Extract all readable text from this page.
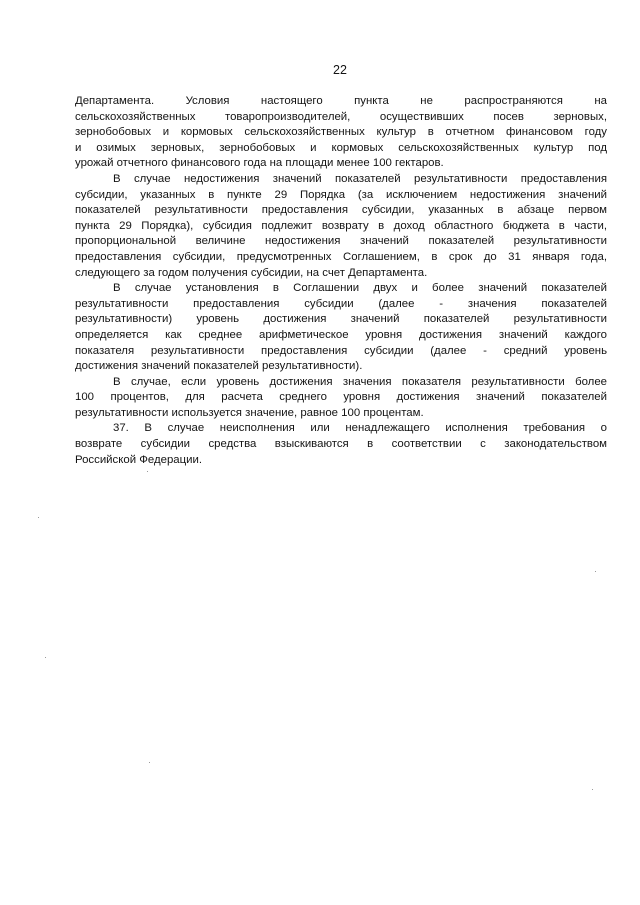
22
Департамента. Условия настоящего пункта не распространяются на
сельскохозяйственных товаропроизводителей, осуществивших посев зерновых,
зернобобовых и кормовых сельскохозяйственных культур в отчетном финансовом году
и озимых зерновых, зернобобовых и кормовых сельскохозяйственных культур под
урожай отчетного финансового года на площади менее 100 гектаров.
В случае недостижения значений показателей результативности предоставления
субсидии, указанных в пункте 29 Порядка (за исключением недостижения значений
показателей результативности предоставления субсидии, указанных в абзаце первом
пункта 29 Порядка), субсидия подлежит возврату в доход областного бюджета в части,
пропорциональной величине недостижения значений показателей результативности
предоставления субсидии, предусмотренных Соглашением, в срок до 31 января года,
следующего за годом получения субсидии, на счет Департамента.
В случае установления в Соглашении двух и более значений показателей
результативности предоставления субсидии (далее - значения показателей
результативности) уровень достижения значений показателей результативности
определяется как среднее арифметическое уровня достижения значений каждого
показателя результативности предоставления субсидии (далее - средний уровень
достижения значений показателей результативности).
В случае, если уровень достижения значения показателя результативности более
100 процентов, для расчета среднего уровня достижения значений показателей
результативности используется значение, равное 100 процентам.
37. В случае неисполнения или ненадлежащего исполнения требования о
возврате субсидии средства взыскиваются в соответствии с законодательством
Российской Федерации.
